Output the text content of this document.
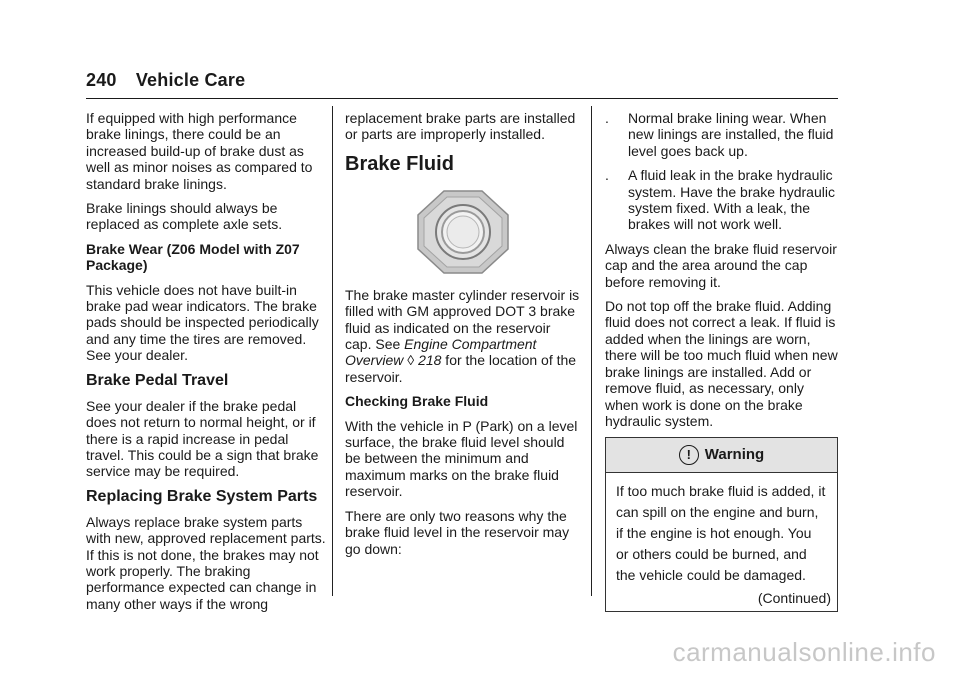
240 Vehicle Care

If equipped with high performance brake linings, there could be an increased build-up of brake dust as well as minor noises as compared to standard brake linings.

Brake linings should always be replaced as complete axle sets.

Brake Wear (Z06 Model with Z07 Package)

This vehicle does not have built-in brake pad wear indicators. The brake pads should be inspected periodically and any time the tires are removed. See your dealer.

Brake Pedal Travel

See your dealer if the brake pedal does not return to normal height, or if there is a rapid increase in pedal travel. This could be a sign that brake service may be required.

Replacing Brake System Parts

Always replace brake system parts with new, approved replacement parts. If this is not done, the brakes may not work properly. The braking performance expected can change in many other ways if the wrong

replacement brake parts are installed or parts are improperly installed.

Brake Fluid

The brake master cylinder reservoir is filled with GM approved DOT 3 brake fluid as indicated on the reservoir cap. See Engine Compartment Overview ◊ 218 for the location of the reservoir.

Checking Brake Fluid

With the vehicle in P (Park) on a level surface, the brake fluid level should be between the minimum and maximum marks on the brake fluid reservoir.

There are only two reasons why the brake fluid level in the reservoir may go down:

. Normal brake lining wear. When new linings are installed, the fluid level goes back up.
. A fluid leak in the brake hydraulic system. Have the brake hydraulic system fixed. With a leak, the brakes will not work well.

Always clean the brake fluid reservoir cap and the area around the cap before removing it.

Do not top off the brake fluid. Adding fluid does not correct a leak. If fluid is added when the linings are worn, there will be too much fluid when new brake linings are installed. Add or remove fluid, as necessary, only when work is done on the brake hydraulic system.

! Warning
If too much brake fluid is added, it can spill on the engine and burn, if the engine is hot enough. You or others could be burned, and the vehicle could be damaged.
(Continued)
carmanualsonline.info
